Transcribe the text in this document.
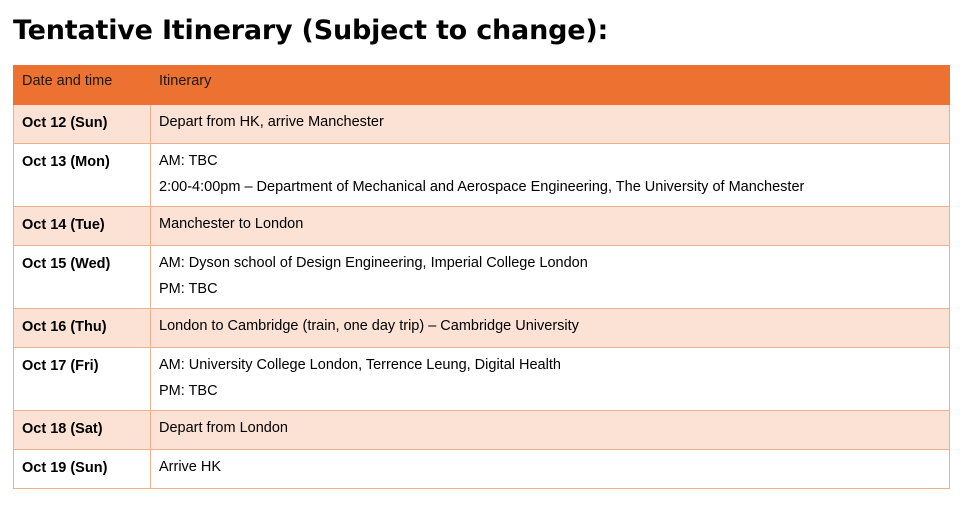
Tentative Itinerary (Subject to change):
Date and time	Itinerary
Oct 12 (Sun)	Depart from HK, arrive Manchester

Oct 13 (Mon)	AM: TBC
2:00-4:00pm – Department of Mechanical and Aerospace Engineering, The University of Manchester

Oct 14 (Tue)	Manchester to London

Oct 15 (Wed)	AM: Dyson school of Design Engineering, Imperial College London
PM: TBC

Oct 16 (Thu)	London to Cambridge (train, one day trip) – Cambridge University

Oct 17 (Fri)	AM: University College London, Terrence Leung, Digital Health
PM: TBC

Oct 18 (Sat)	Depart from London

Oct 19 (Sun)	Arrive HK
